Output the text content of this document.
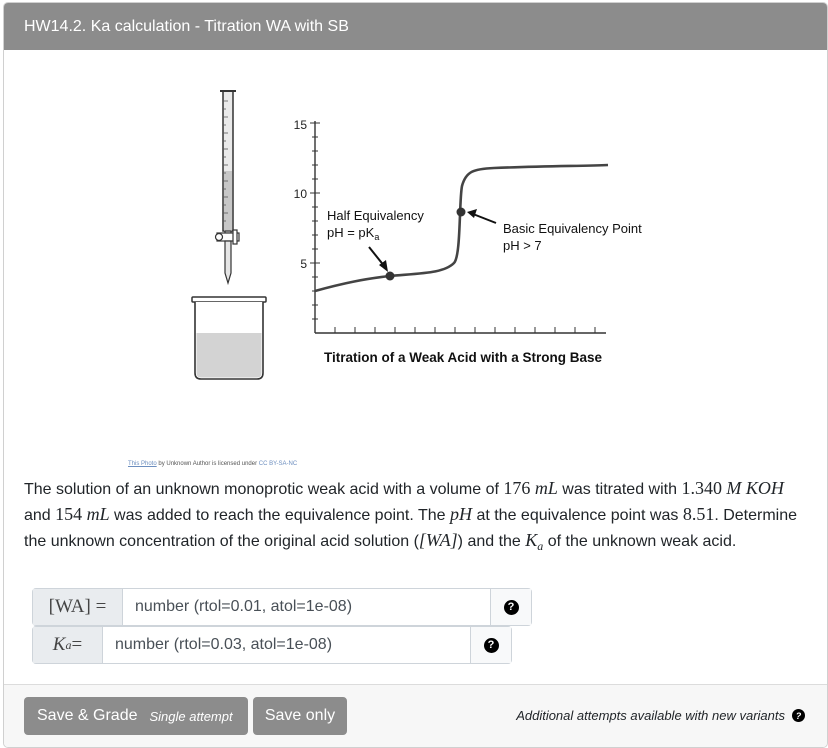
HW14.2. Ka calculation - Titration WA with SB
15
10
5
Half Equivalency
pH = $pK_a$
Basic Equivalency Point
pH > 7
Titration of a Weak Acid with a Strong Base
This Photo by Unknown Author is licensed under CC BY-SA-NC
The solution of an unknown monoprotic weak acid with a volume of 176 mL was titrated with 1.340 M KOH and 154 mL was added to reach the equivalence point. The pH at the equivalence point was 8.51. Determine the unknown concentration of the original acid solution ([WA]) and the $K_a$ of the unknown weak acid.
[WA] =
number (rtol=0.01, atol=1e-08)	?
K a =
number (rtol=0.03, atol=1e-08)	?
Save & Grade Single attempt Save only	Additional attempts available with new variants	?
